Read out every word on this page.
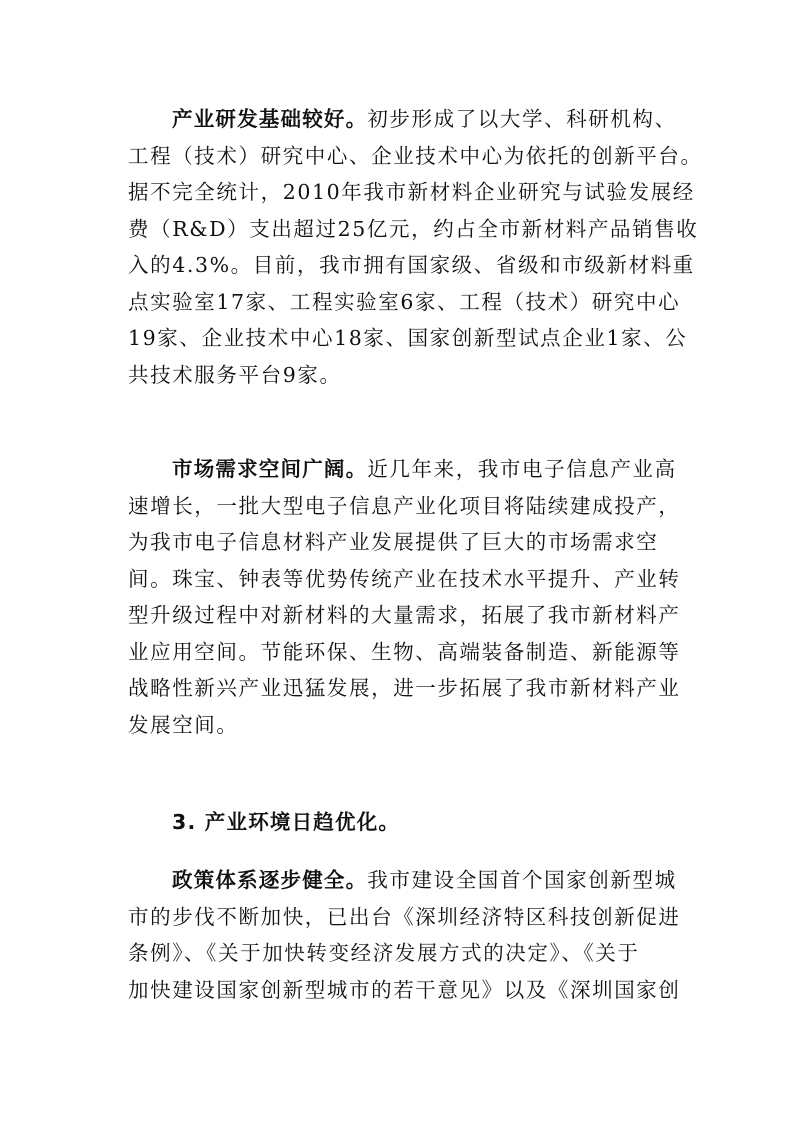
产业研发基础较好。初步形成了以大学、科研机构、
工程（技术）研究中心、企业技术中心为依托的创新平台。
据不完全统计，2010年我市新材料企业研究与试验发展经
费（R&D）支出超过25亿元，约占全市新材料产品销售收
入的4.3%。目前，我市拥有国家级、省级和市级新材料重
点实验室17家、工程实验室6家、工程（技术）研究中心
19家、企业技术中心18家、国家创新型试点企业1家、公
共技术服务平台9家。
市场需求空间广阔。近几年来，我市电子信息产业高
速增长，一批大型电子信息产业化项目将陆续建成投产，
为我市电子信息材料产业发展提供了巨大的市场需求空
间。珠宝、钟表等优势传统产业在技术水平提升、产业转
型升级过程中对新材料的大量需求，拓展了我市新材料产
业应用空间。节能环保、生物、高端装备制造、新能源等
战略性新兴产业迅猛发展，进一步拓展了我市新材料产业
发展空间。
3. 产业环境日趋优化。
政策体系逐步健全。我市建设全国首个国家创新型城
市的步伐不断加快，已出台《深圳经济特区科技创新促进
条例》、《关于加快转变经济发展方式的决定》、《关于
加快建设国家创新型城市的若干意见》以及《深圳国家创
